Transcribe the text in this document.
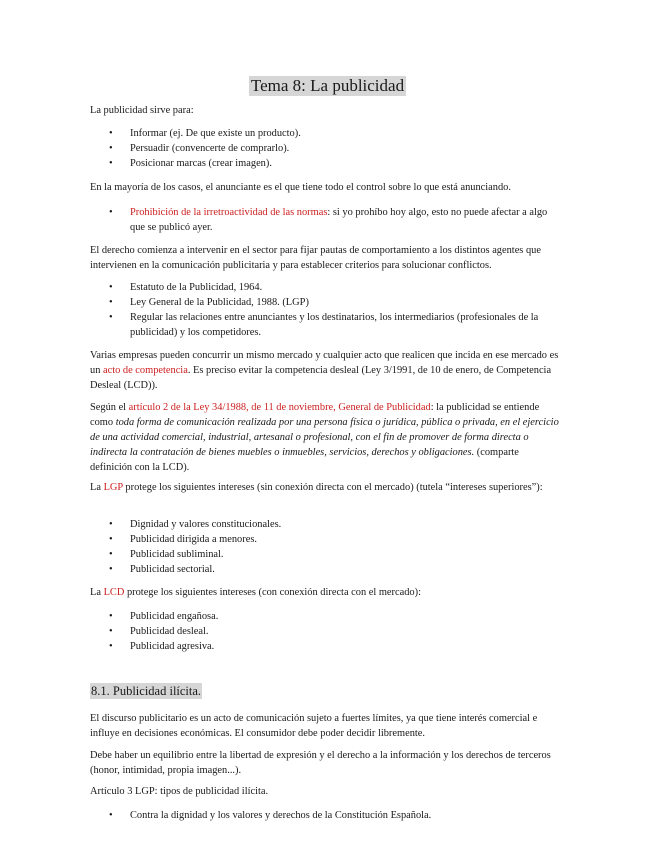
Tema 8: La publicidad

La publicidad sirve para:

• Informar (ej. De que existe un producto).
• Persuadir (convencerte de comprarlo).
• Posicionar marcas (crear imagen).

En la mayoría de los casos, el anunciante es el que tiene todo el control sobre lo que está anunciando.

• Prohibición de la irretroactividad de las normas: si yo prohíbo hoy algo, esto no puede afectar a algo que se publicó ayer.

El derecho comienza a intervenir en el sector para fijar pautas de comportamiento a los distintos agentes que intervienen en la comunicación publicitaria y para establecer criterios para solucionar conflictos.

• Estatuto de la Publicidad, 1964.
• Ley General de la Publicidad, 1988. (LGP)
• Regular las relaciones entre anunciantes y los destinatarios, los intermediarios (profesionales de la publicidad) y los competidores.

Varias empresas pueden concurrir un mismo mercado y cualquier acto que realicen que incida en ese mercado es un acto de competencia. Es preciso evitar la competencia desleal (Ley 3/1991, de 10 de enero, de Competencia Desleal (LCD)).

Según el artículo 2 de la Ley 34/1988, de 11 de noviembre, General de Publicidad: la publicidad se entiende como toda forma de comunicación realizada por una persona física o jurídica, pública o privada, en el ejercicio de una actividad comercial, industrial, artesanal o profesional, con el fin de promover de forma directa o indirecta la contratación de bienes muebles o inmuebles, servicios, derechos y obligaciones. (comparte definición con la LCD).

La LGP protege los siguientes intereses (sin conexión directa con el mercado) (tutela “intereses superiores”):

• Dignidad y valores constitucionales.
• Publicidad dirigida a menores.
• Publicidad subliminal.
• Publicidad sectorial.

La LCD protege los siguientes intereses (con conexión directa con el mercado):

• Publicidad engañosa.
• Publicidad desleal.
• Publicidad agresiva.
8.1. Publicidad ilícita.

El discurso publicitario es un acto de comunicación sujeto a fuertes límites, ya que tiene interés comercial e influye en decisiones económicas. El consumidor debe poder decidir libremente.

Debe haber un equilibrio entre la libertad de expresión y el derecho a la información y los derechos de terceros (honor, intimidad, propia imagen...).

Artículo 3 LGP: tipos de publicidad ilícita.

• Contra la dignidad y los valores y derechos de la Constitución Española.
